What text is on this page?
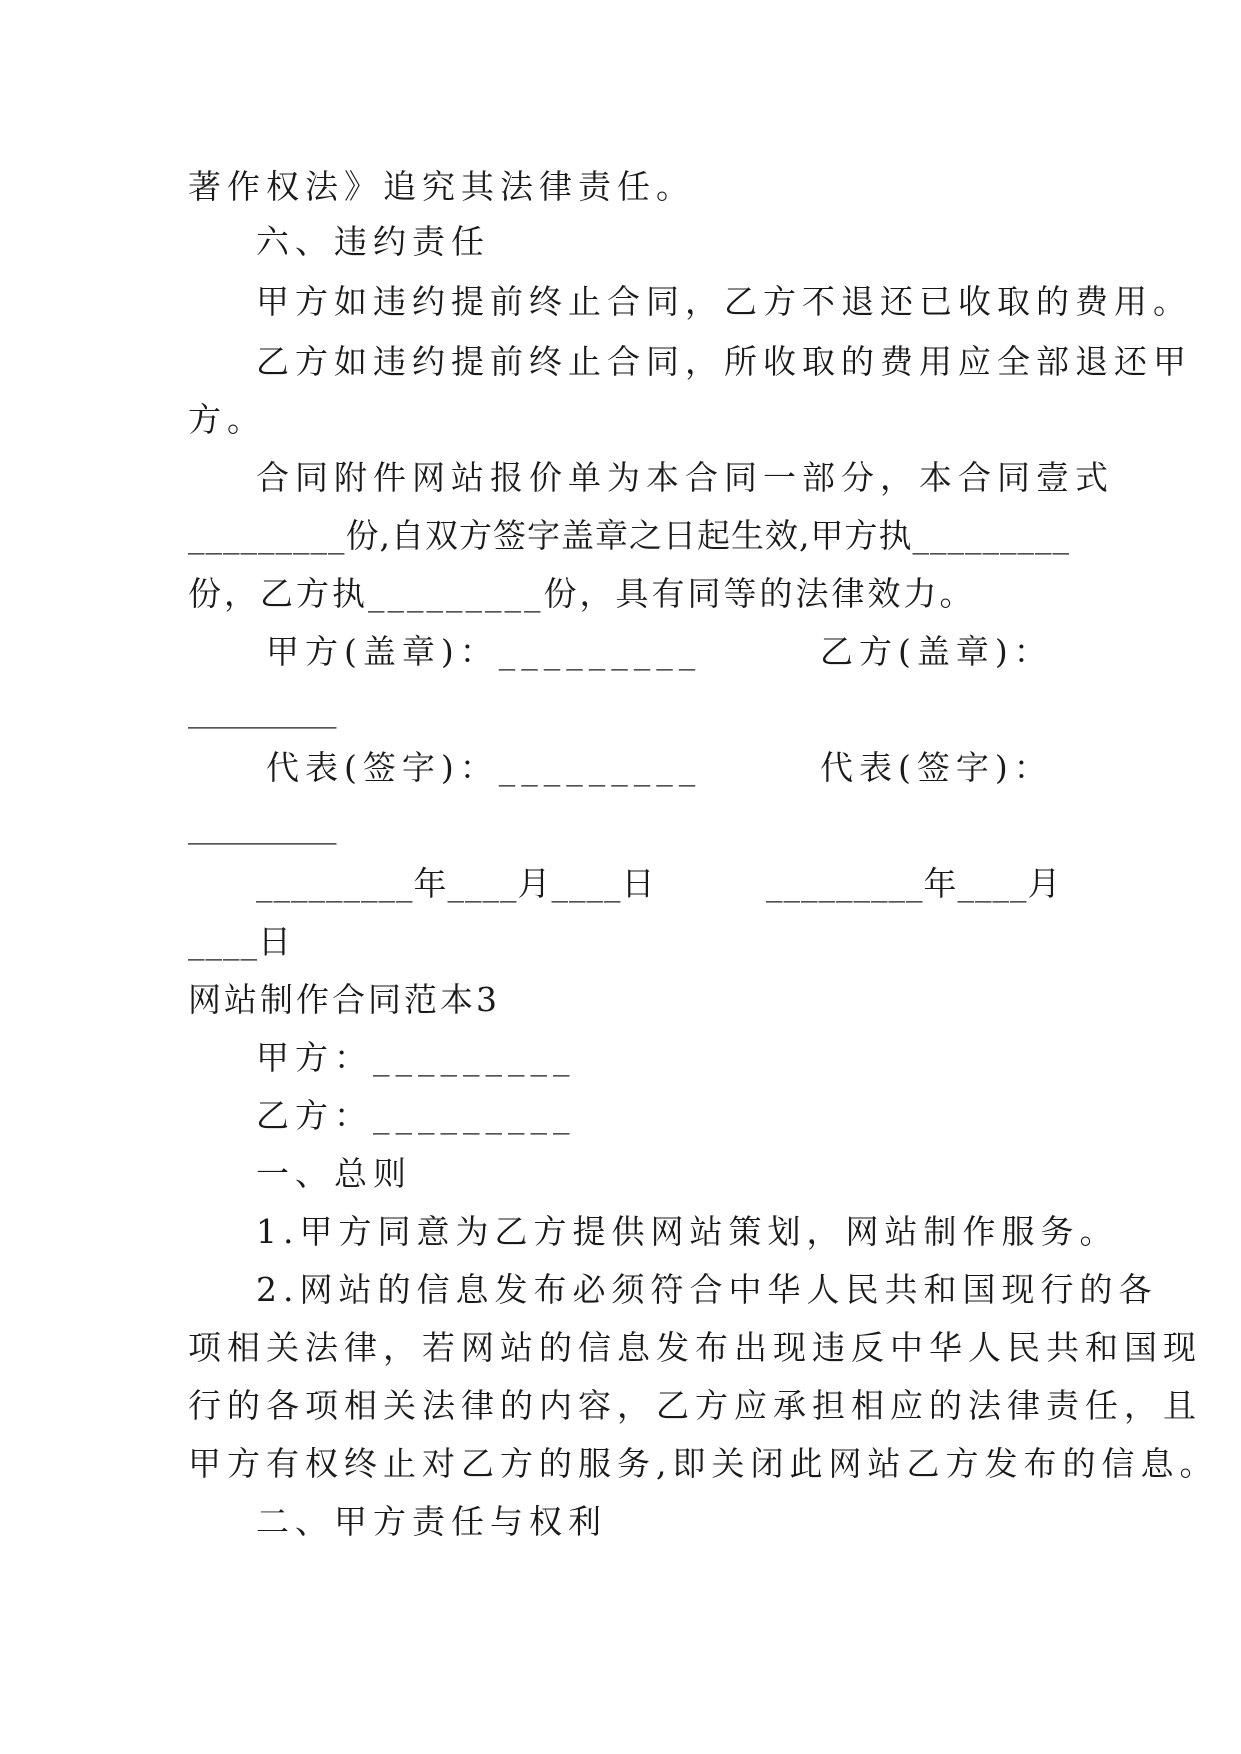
著作权法》追究其法律责任。
六、违约责任
甲方如违约提前终止合同，乙方不退还已收取的费用。
乙方如违约提前终止合同，所收取的费用应全部退还甲
方。
合同附件网站报价单为本合同一部分，本合同壹式
_________份,自双方签字盖章之日起生效,甲方执_________
份，乙方执_________份，具有同等的法律效力。
甲方(盖章)：_________	乙方(盖章)：
_________
代表(签字)：_________	代表(签字)：
_________
_________年____月____日	_________年____月
____日
网站制作合同范本3
甲方：_________
乙方：_________
一、总则
1.甲方同意为乙方提供网站策划，网站制作服务。
2.网站的信息发布必须符合中华人民共和国现行的各
项相关法律，若网站的信息发布出现违反中华人民共和国现
行的各项相关法律的内容，乙方应承担相应的法律责任，且
甲方有权终止对乙方的服务,即关闭此网站乙方发布的信息。
二、甲方责任与权利
